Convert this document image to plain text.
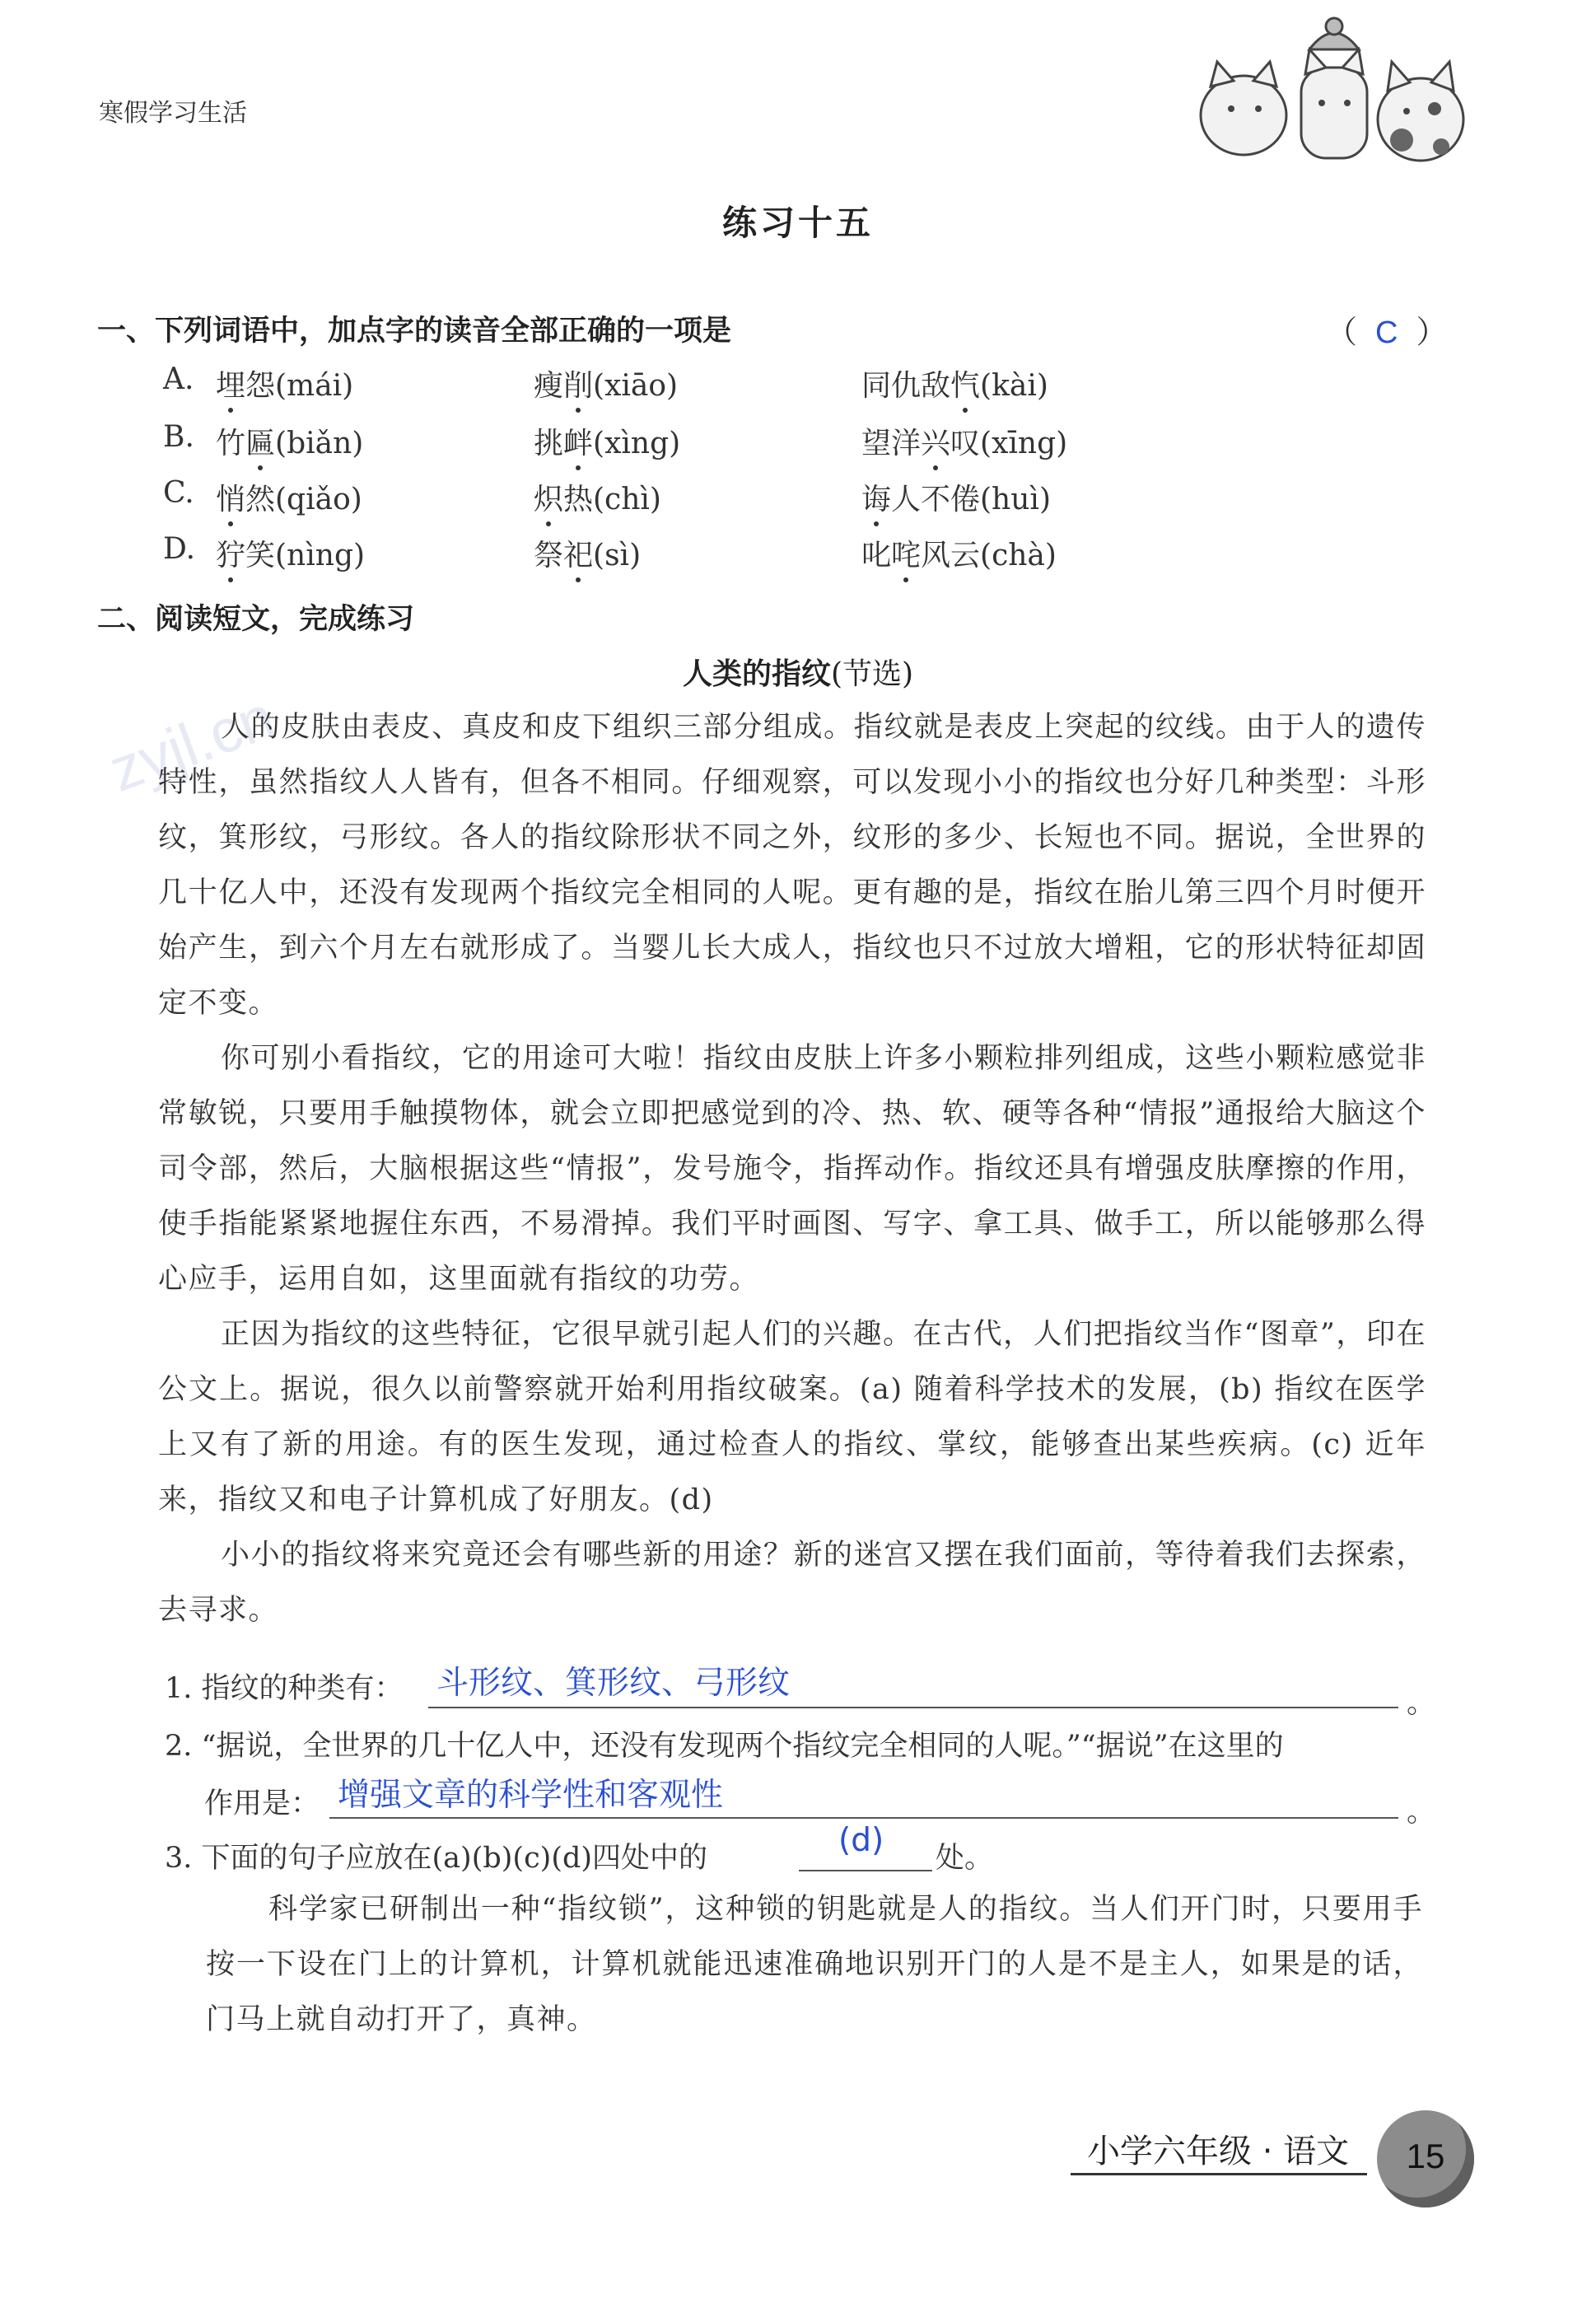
寒假学习生活
练习十五
一、下列词语中，加点字的读音全部正确的一项是	（ C ）
A. 埋怨(mái)	瘦削(xiāo)	同仇敌忾(kài)
B. 竹匾(biǎn)	挑衅(xìng)	望洋兴叹(xīng)
C. 悄然(qiǎo)	炽热(chì)	诲人不倦(huì)
D. 狞笑(nìng)	祭祀(sì)	叱咤风云(chà)
二、阅读短文，完成练习
人类的指纹(节选)
zyjl.cn

人的皮肤由表皮、真皮和皮下组织三部分组成。指纹就是表皮上突起的纹线。由于人的遗传特性，虽然指纹人人皆有，但各不相同。仔细观察，可以发现小小的指纹也分好几种类型：斗形纹，箕形纹，弓形纹。各人的指纹除形状不同之外，纹形的多少、长短也不同。据说，全世界的几十亿人中，还没有发现两个指纹完全相同的人呢。更有趣的是，指纹在胎儿第三四个月时便开始产生，到六个月左右就形成了。当婴儿长大成人，指纹也只不过放大增粗，它的形状特征却固定不变。

你可别小看指纹，它的用途可大啦！指纹由皮肤上许多小颗粒排列组成，这些小颗粒感觉非常敏锐，只要用手触摸物体，就会立即把感觉到的冷、热、软、硬等各种“情报”通报给大脑这个司令部，然后，大脑根据这些“情报”，发号施令，指挥动作。指纹还具有增强皮肤摩擦的作用，使手指能紧紧地握住东西，不易滑掉。我们平时画图、写字、拿工具、做手工，所以能够那么得心应手，运用自如，这里面就有指纹的功劳。

正因为指纹的这些特征，它很早就引起人们的兴趣。在古代，人们把指纹当作“图章”，印在公文上。据说，很久以前警察就开始利用指纹破案。(a) 随着科学技术的发展，(b) 指纹在医学上又有了新的用途。有的医生发现，通过检查人的指纹、掌纹，能够查出某些疾病。(c) 近年来，指纹又和电子计算机成了好朋友。(d)

小小的指纹将来究竟还会有哪些新的用途？新的迷宫又摆在我们面前，等待着我们去探索，去寻求。

1. 指纹的种类有： 斗形纹、箕形纹、弓形纹
。
2. “据说，全世界的几十亿人中，还没有发现两个指纹完全相同的人呢。”“据说”在这里的
作用是： 增强文章的科学性和客观性	。
3. 下面的句子应放在(a)(b)(c)(d)四处中的	(d) 处。

科学家已研制出一种“指纹锁”，这种锁的钥匙就是人的指纹。当人们开门时，只要用手按一下设在门上的计算机，计算机就能迅速准确地识别开门的人是不是主人，如果是的话，门马上就自动打开了，真神。

小学六年级 · 语文	15
